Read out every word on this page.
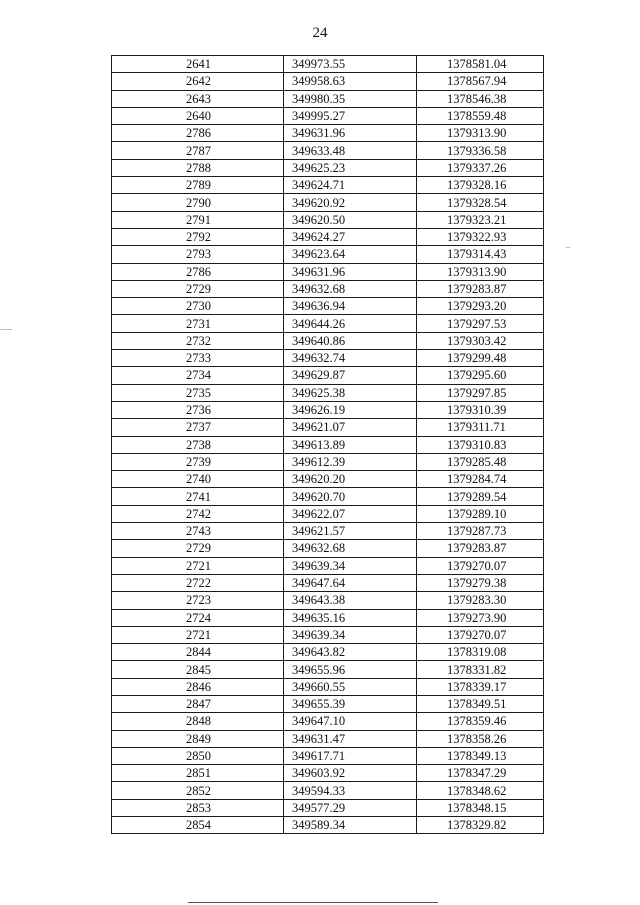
24
2641	349973.55	1378581.04
2642	349958.63	1378567.94
2643	349980.35	1378546.38
2640	349995.27	1378559.48
2786	349631.96	1379313.90
2787	349633.48	1379336.58
2788	349625.23	1379337.26
2789	349624.71	1379328.16
2790	349620.92	1379328.54
2791	349620.50	1379323.21
2792	349624.27	1379322.93
2793	349623.64	1379314.43
2786	349631.96	1379313.90
2729	349632.68	1379283.87
2730	349636.94	1379293.20
2731	349644.26	1379297.53
2732	349640.86	1379303.42
2733	349632.74	1379299.48
2734	349629.87	1379295.60
2735	349625.38	1379297.85
2736	349626.19	1379310.39
2737	349621.07	1379311.71
2738	349613.89	1379310.83
2739	349612.39	1379285.48
2740	349620.20	1379284.74
2741	349620.70	1379289.54
2742	349622.07	1379289.10
2743	349621.57	1379287.73
2729	349632.68	1379283.87
2721	349639.34	1379270.07
2722	349647.64	1379279.38
2723	349643.38	1379283.30
2724	349635.16	1379273.90
2721	349639.34	1379270.07
2844	349643.82	1378319.08
2845	349655.96	1378331.82
2846	349660.55	1378339.17
2847	349655.39	1378349.51
2848	349647.10	1378359.46
2849	349631.47	1378358.26
2850	349617.71	1378349.13
2851	349603.92	1378347.29
2852	349594.33	1378348.62
2853	349577.29	1378348.15
2854	349589.34	1378329.82
